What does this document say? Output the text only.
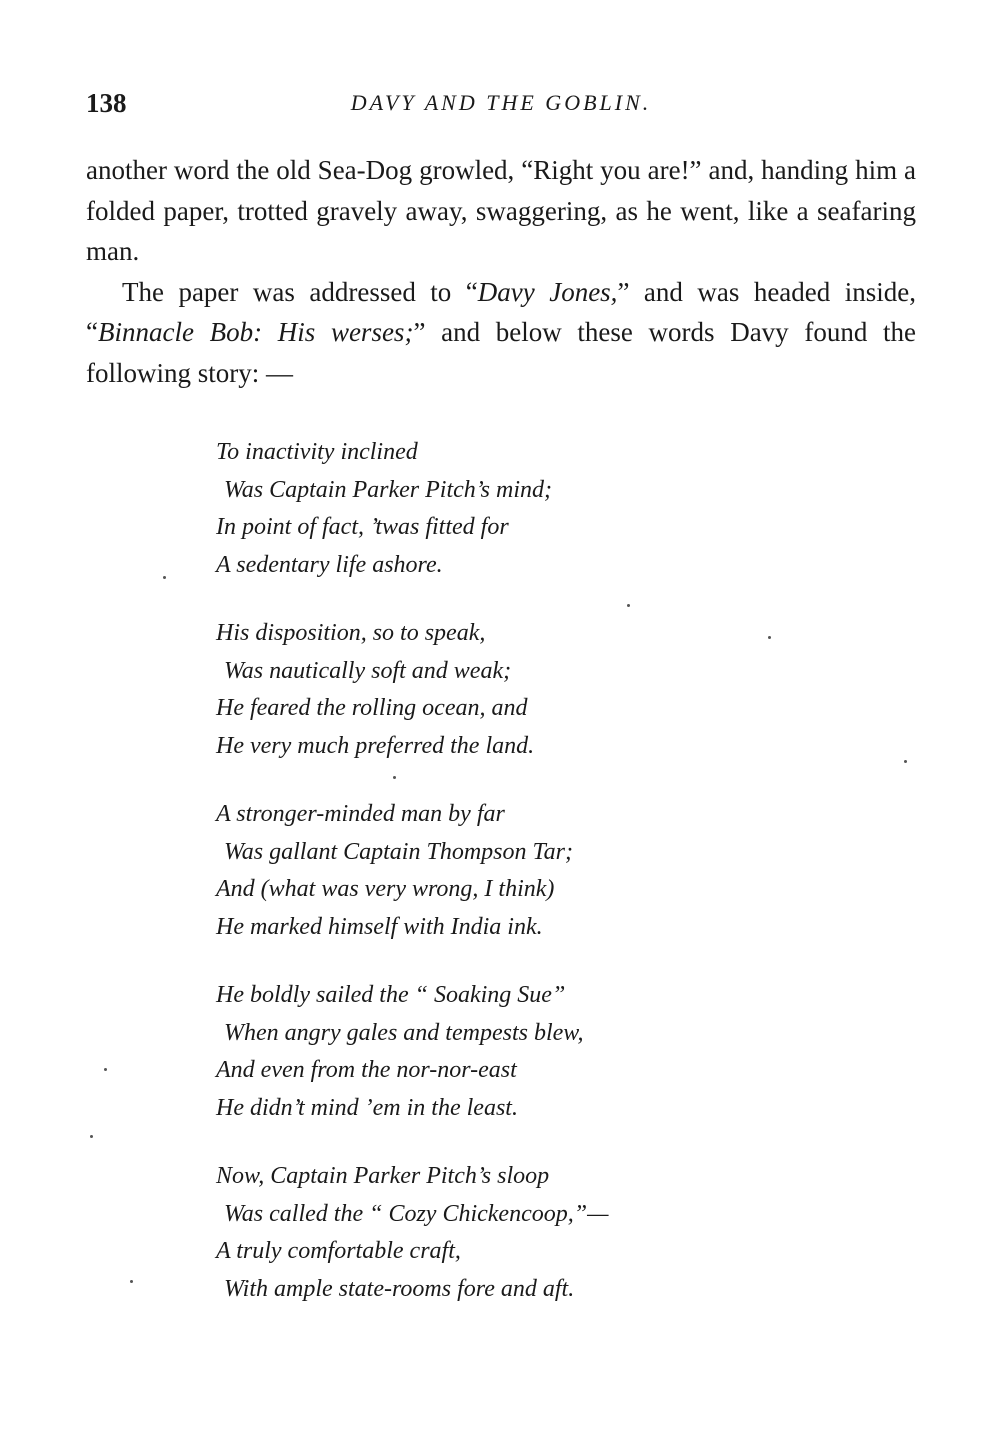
138	DAVY AND THE GOBLIN.

another word the old Sea-Dog growled, “Right you are!” and, handing him a folded paper, trotted gravely away, swaggering, as he went, like a seafaring man.

The paper was addressed to “Davy Jones,” and was headed inside, “Binnacle Bob: His werses;” and below these words Davy found the following story: —

To inactivity inclined
Was Captain Parker Pitch’s mind;
In point of fact, ’twas fitted for
A sedentary life ashore.
His disposition, so to speak,
Was nautically soft and weak;
He feared the rolling ocean, and
He very much preferred the land.
A stronger-minded man by far
Was gallant Captain Thompson Tar;
And (what was very wrong, I think)
He marked himself with India ink.
He boldly sailed the “ Soaking Sue”
When angry gales and tempests blew,
And even from the nor-nor-east
He didn’t mind ’em in the least.
Now, Captain Parker Pitch’s sloop
Was called the “ Cozy Chickencoop,”—
A truly comfortable craft,
With ample state-rooms fore and aft.
